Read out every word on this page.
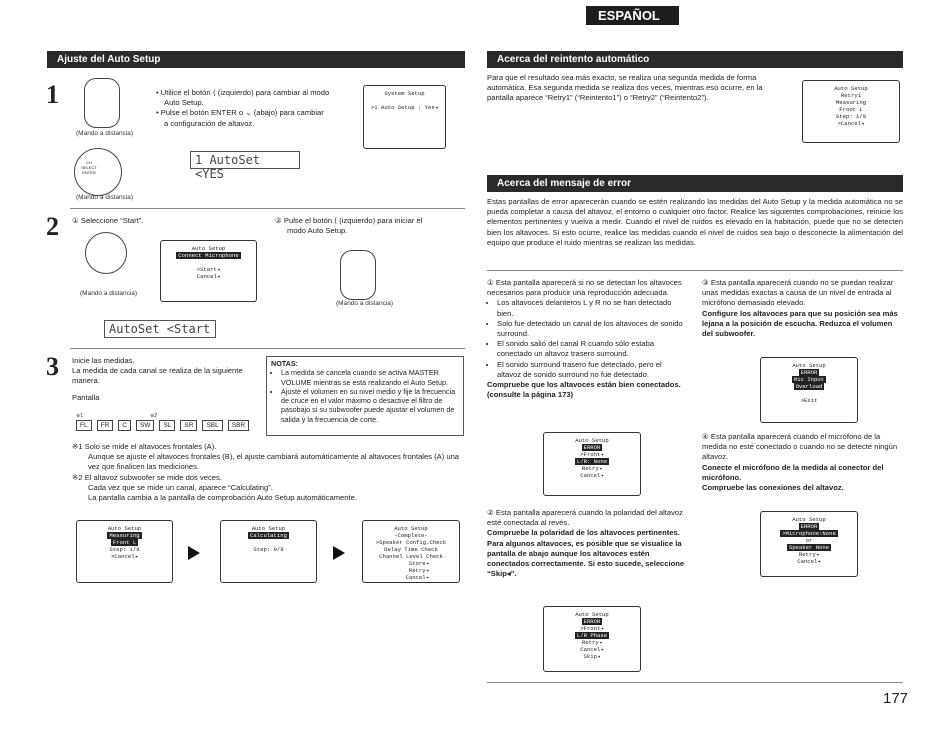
ESPAÑOL
Ajuste del Auto Setup
1
(Mando a distancia)
CH SELECT ENTER
(Mando a distancia)
• Utilice el botón ⟨ (izquierdo) para cambiar al modo
Auto Setup.
• Pulse el botón ENTER o ⌄ (abajo) para cambiar
a configuración de altavoz.
System Setup

>1 Auto Setup : Yes◂
1 AutoSet <YES
2 ① Seleccione “Start”.
(Mando a distancia)
Auto Setup
Connect Microphone

>Start◂
Cancel◂
② Pulse el botón ⟨ (izquierdo) para iniciar el
modo Auto Setup.
(Mando a distancia)
AutoSet <Start
3 Inicie las medidas.
La medida de cada canal se realiza de la siguiente manera.
Pantalla
※1	※2
FL	FR	C	SW	SL	SR	SBL	SBR
NOTAS:
• La medida se cancela cuando se activa MASTER VOLUME mientras se está realizando el Auto Setup.
• Ajuste el volumen en su nivel medio y fije la frecuencia de cruce en el valor máximo o desactive el filtro de pasobajo si su subwoofer puede ajustar el volumen de salida y la frecuencia de corte.
※1 Solo se mide el altavoces frontales (A).
Aunque se ajuste el altavoces frontales (B), el ajuste cambiará automáticamente al altavoces frontales (A) una vez que finalicen las mediciones.
※2 El altavoz subwoofer se mide dos veces.
Cada vez que se mide un canal, aparece “Calculating”.
La pantalla cambia a la pantalla de comprobación Auto Setup automáticamente.
Auto Setup
Measuring
Front L
Step: 1/9
>Cancel◂
Auto Setup
Calculating

Step: 9/9
Auto Setup
-Complete-
>Speaker Config.Check
Delay Time Check
Channel Level Check
Store◂
Retry◂
Cancel◂
Acerca del reintento automático
Para que el resultado sea más exacto, se realiza una segunda medida de forma automática. Esa segunda medida se realiza dos veces, mientras eso ocurre, en la pantalla aparece “Retry1” (“Reintento1”) o “Retry2” (“Reintento2”).
Auto Setup
Retry1
Measuring
Front L
Step: 1/9
>Cancel◂
Acerca del mensaje de error
Estas pantallas de error aparecerán cuando se estén realizando las medidas del Auto Setup y la medida automática no se pueda completar a causa del altavoz, el entorno o cualquier otro factor. Realice las siguientes comprobaciones, reinicie los elementos pertinentes y vuelva a medir. Cuando el nivel de ruidos es elevado en la habitación, puede que no se detecten bien los altavoces. Si esto ocurre, realice las medidas cuando el nivel de ruidos sea bajo o desconecte la alimentación del equipo que produce el ruido mientras se realizan las medidas.
① Esta pantalla aparecerá si no se detectan los altavoces necesarios para producir una reproducción adecuada.
• Los altavoces delanteros L y R no se han detectado bien.
• Solo fue detectado un canal de los altavoces de sonido surround.
• El sonido salió del canal R cuando sólo estaba conectado un altavoz trasero surround.
• El sonido surround trasero fue detectado, pero el altavoz de sonido surround no fue detectado.
Compruebe que los altavoces están bien conectados. (consulte la página 173)
Auto Setup
ERROR
>Front◂
L/R: None
Retry◂
Cancel◂
② Esta pantalla aparecerá cuando la polaridad del altavoz esté conectada al revés.
Compruebe la polaridad de los altavoces pertinentes.
Para algunos altavoces, es posible que se visualice la pantalla de abajo aunque los altavoces estén conectados correctamente. Si esto sucede, seleccione “Skip◂”.
Auto Setup
ERROR
>Front◂
L/R Phase
Retry◂
Cancel◂
Skip◂
③ Esta pantalla aparecerá cuando no se puedan realizar unas medidas exactas a causa de un nivel de entrada al micrófono demasiado elevado.
Configure los altavoces para que su posición sea más lejana a la posición de escucha. Reduzca el volumen del subwoofer.
Auto Setup
ERROR
Mic Input
Overload

>Exit
④ Esta pantalla aparecerá cuando el micrófono de la medida no esté conectado o cuando no se detecte ningún altavoz.
Conecte el micrófono de la medida al conector del micrófono.
Compruebe las conexiones del altavoz.
Auto Setup
ERROR
>Microphone:None
or
Speaker None
Retry◂
Cancel◂
177
